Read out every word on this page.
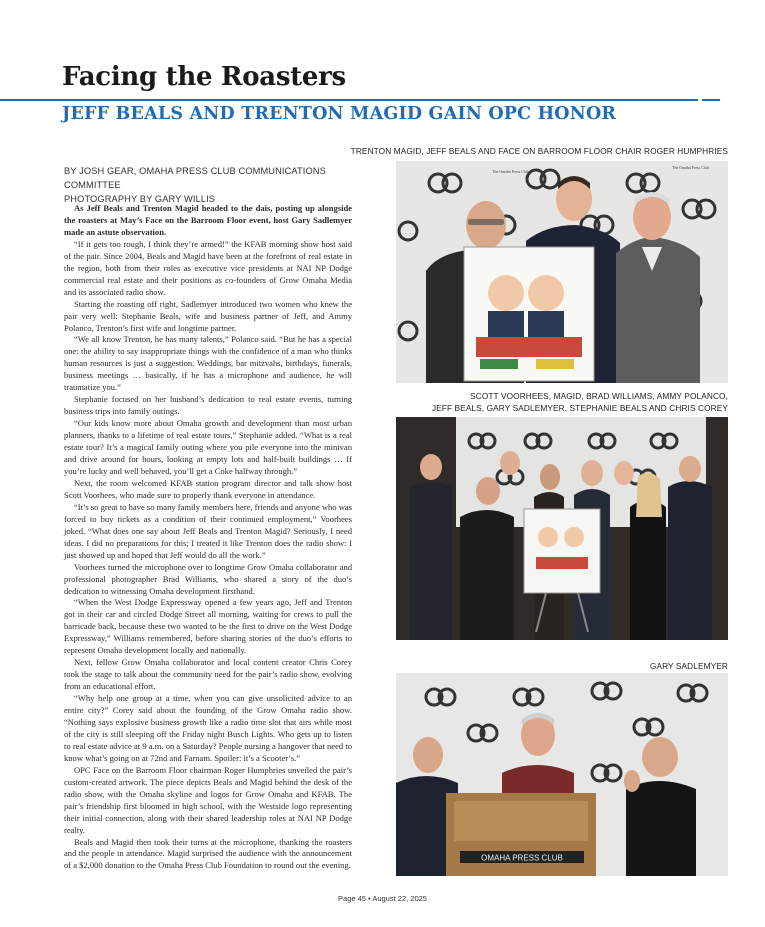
Facing the Roasters
JEFF BEALS AND TRENTON MAGID GAIN OPC HONOR
BY JOSH GEAR, OMAHA PRESS CLUB COMMUNICATIONS COMMITTEE
PHOTOGRAPHY BY GARY WILLIS

As Jeff Beals and Trenton Magid headed to the dais, posting up alongside the roasters at May’s Face on the Barroom Floor event, host Gary Sadlemyer made an astute observation.

“If it gets too rough, I think they’re armed!” the KFAB morning show host said of the pair. Since 2004, Beals and Magid have been at the forefront of real estate in the region, both from their roles as executive vice presidents at NAI NP Dodge commercial real estate and their positions as co-founders of Grow Omaha Media and its associated radio show.

Starting the roasting off right, Sadlemyer introduced two women who knew the pair very well: Stephanie Beals, wife and business partner of Jeff, and Ammy Polanco, Trenton’s first wife and longtime partner.

“We all know Trenton, he has many talents,” Polanco said. “But he has a special one: the ability to say inappropriate things with the confidence of a man who thinks human resources is just a suggestion. Weddings, bar mitzvahs, birthdays, funerals, business meetings … basically, if he has a microphone and audience, he will traumatize you.”

Stephanie focused on her husband’s dedication to real estate events, turning business trips into family outings.

“Our kids know more about Omaha growth and development than most urban planners, thanks to a lifetime of real estate tours,” Stephanie added. “What is a real estate tour? It’s a magical family outing where you pile everyone into the minivan and drive around for hours, looking at empty lots and half-built buildings … If you’re lucky and well behaved, you’ll get a Coke halfway through.”

Next, the room welcomed KFAB station program director and talk show host Scott Voorhees, who made sure to properly thank everyone in attendance.

“It’s so great to have so many family members here, friends and anyone who was forced to buy tickets as a condition of their continued employment,” Voorhees joked. “What does one say about Jeff Beals and Trenton Magid? Seriously, I need ideas. I did no preparations for this; I treated it like Trenton does the radio show: I just showed up and hoped that Jeff would do all the work.”

Voorhees turned the microphone over to longtime Grow Omaha collaborator and professional photographer Brad Williams, who shared a story of the duo’s dedication to witnessing Omaha development firsthand.

“When the West Dodge Expressway opened a few years ago, Jeff and Trenton got in their car and circled Dodge Street all morning, waiting for crews to pull the barricade back, because these two wanted to be the first to drive on the West Dodge Expressway,” Williams remembered, before sharing stories of the duo’s efforts to represent Omaha development locally and nationally.

Next, fellow Grow Omaha collaborator and local content creator Chris Corey took the stage to talk about the community need for the pair’s radio show, evolving from an educational effort.

“Why help one group at a time, when you can give unsolicited advice to an entire city?” Corey said about the founding of the Grow Omaha radio show. “Nothing says explosive business growth like a radio time slot that airs while most of the city is still sleeping off the Friday night Busch Lights. Who gets up to listen to real estate advice at 9 a.m. on a Saturday? People nursing a hangover that need to know what’s going on at 72nd and Farnam. Spoiler: it’s a Scooter’s.”

OPC Face on the Barroom Floor chairman Roger Humphries unveiled the pair’s custom-created artwork. The piece depicts Beals and Magid behind the desk of the radio show, with the Omaha skyline and logos for Grow Omaha and KFAB. The pair’s friendship first bloomed in high school, with the Westside logo representing their initial connection, along with their shared leadership roles at NAI NP Dodge realty.

Beals and Magid then took their turns at the microphone, thanking the roasters and the people in attendance. Magid surprised the audience with the announcement of a $2,000 donation to the Omaha Press Club Foundation to round out the evening.

TRENTON MAGID, JEFF BEALS AND FACE ON BARROOM FLOOR CHAIR ROGER HUMPHRIES
The Omaha Press Club
The Omaha Press Club
SCOTT VOORHEES, MAGID, BRAD WILLIAMS, AMMY POLANCO,
JEFF BEALS, GARY SADLEMYER, STEPHANIE BEALS AND CHRIS COREY
GARY SADLEMYER
OMAHA PRESS CLUB
Page 45 • August 22, 2025
